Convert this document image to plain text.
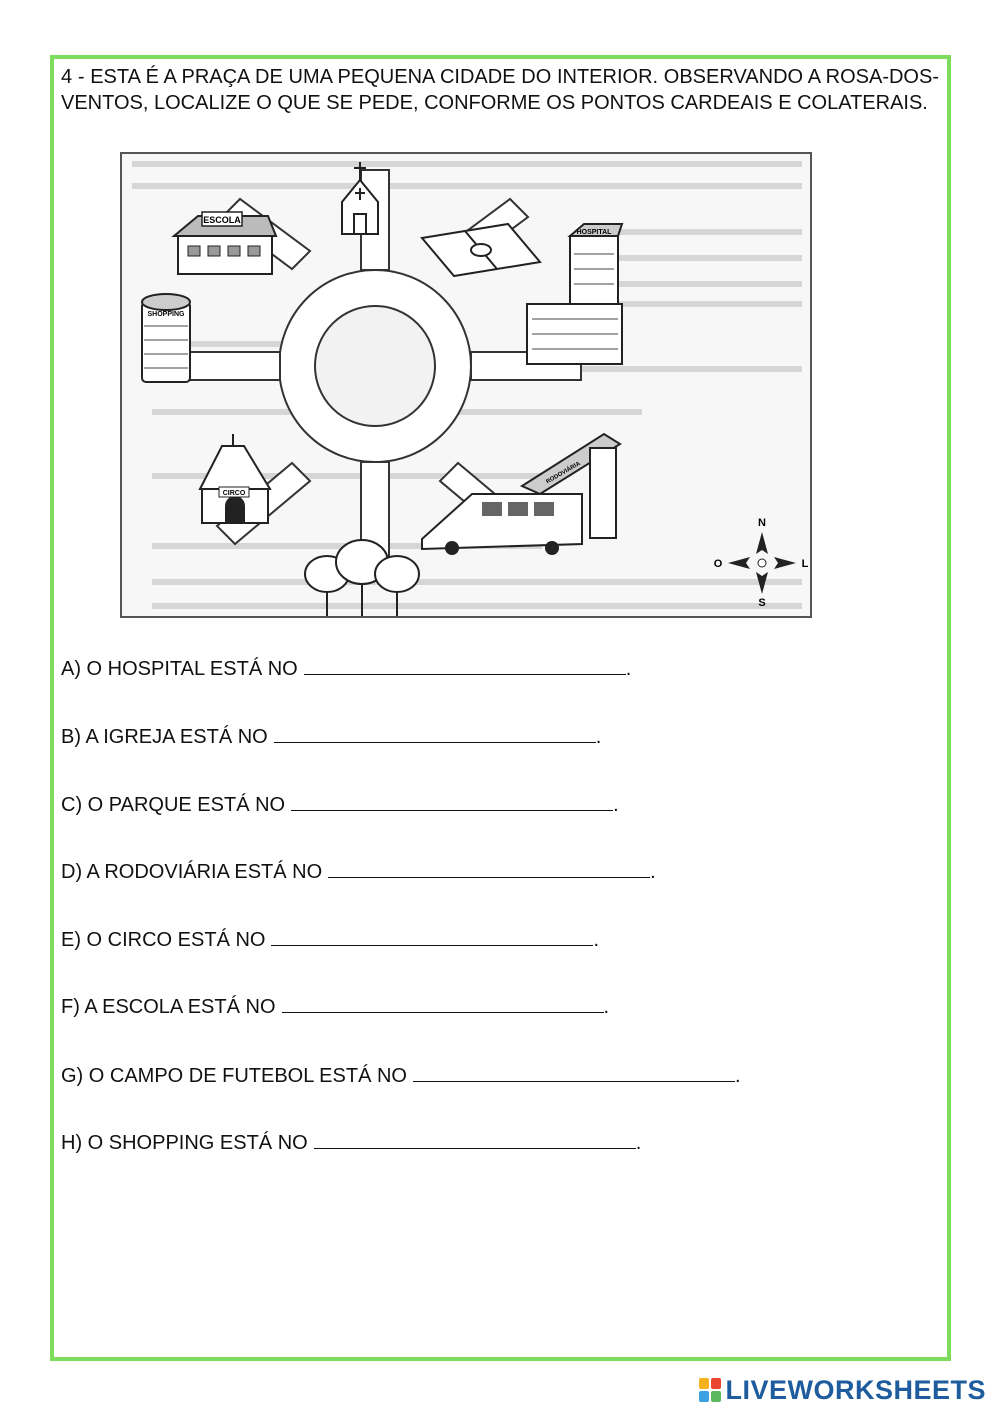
4 - ESTA É A PRAÇA DE UMA PEQUENA CIDADE DO INTERIOR. OBSERVANDO A ROSA-DOS-VENTOS, LOCALIZE O QUE SE PEDE, CONFORME OS PONTOS CARDEAIS E COLATERAIS.

ESCOLA
HOSPITAL
SHOPPING
CIRCO
RODOVIÁRIA
N
S
L
O

A) O HOSPITAL ESTÁ NO	.

B) A IGREJA ESTÁ NO	.

C) O PARQUE ESTÁ NO	.

D) A RODOVIÁRIA ESTÁ NO	.

E) O CIRCO ESTÁ NO	.

F) A ESCOLA ESTÁ NO	.

G) O CAMPO DE FUTEBOL ESTÁ NO	.

H) O SHOPPING ESTÁ NO	.

LIVEWORKSHEETS
